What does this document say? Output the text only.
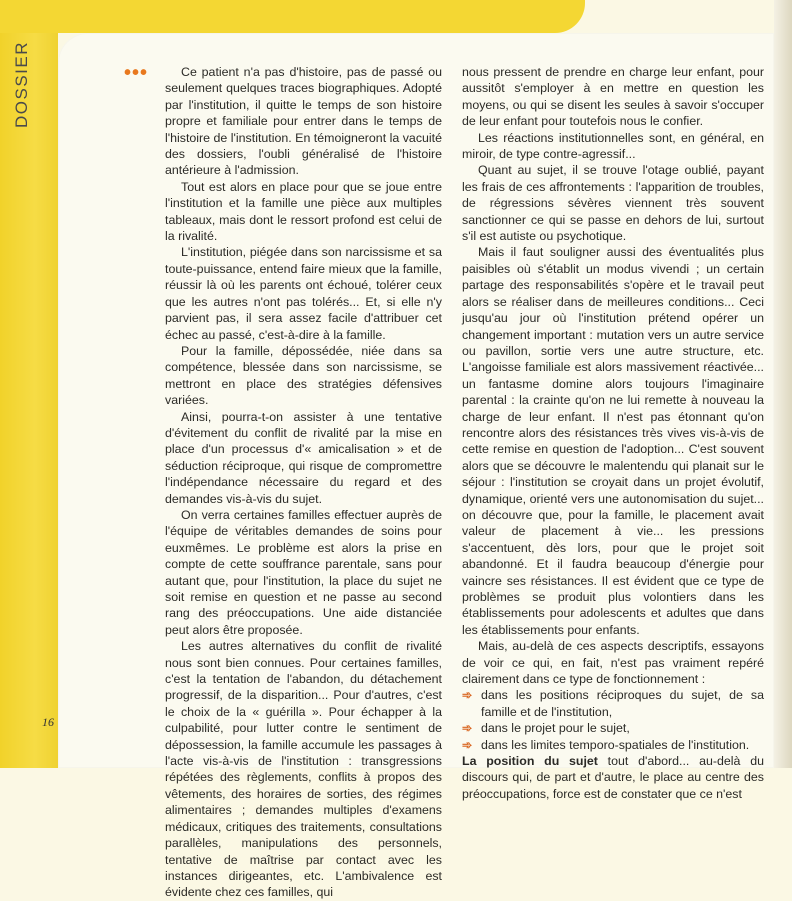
DOSSIER	•••	Ce patient n'a pas d'histoire, pas de passé ou seulement quelques traces biographiques. Adopté par l'institution, il quitte le temps de son histoire propre et familiale pour entrer dans le temps de l'histoire de l'institution. En témoigneront la vacuité des dossiers, l'oubli généralisé de l'histoire antérieure à l'admission.

Tout est alors en place pour que se joue entre l'institution et la famille une pièce aux multiples tableaux, mais dont le ressort profond est celui de la rivalité.

L'institution, piégée dans son narcissisme et sa toute-puissance, entend faire mieux que la famille, réussir là où les parents ont échoué, tolérer ceux que les autres n'ont pas tolérés... Et, si elle n'y parvient pas, il sera assez facile d'attribuer cet échec au passé, c'est-à-dire à la famille.

Pour la famille, dépossédée, niée dans sa compétence, blessée dans son narcissisme, se mettront en place des stratégies défensives variées.

Ainsi, pourra-t-on assister à une tentative d'évitement du conflit de rivalité par la mise en place d'un processus d'« amicalisation » et de séduction réciproque, qui risque de compromettre l'indépendance nécessaire du regard et des demandes vis-à-vis du sujet.

On verra certaines familles effectuer auprès de l'équipe de véritables demandes de soins pour euxmêmes. Le problème est alors la prise en compte de cette souffrance parentale, sans pour autant que, pour l'institution, la place du sujet ne soit remise en question et ne passe au second rang des préoccupations. Une aide distanciée peut alors être proposée.

Les autres alternatives du conflit de rivalité nous sont bien connues. Pour certaines familles, c'est la tentation de l'abandon, du détachement progressif, de la disparition... Pour d'autres, c'est le choix de la « guérilla ». Pour échapper à la culpabilité, pour lutter contre le sentiment de dépossession, la famille accumule les passages à l'acte vis-à-vis de l'institution : transgressions répétées des règlements, conflits à propos des vêtements, des horaires de sorties, des régimes alimentaires ; demandes multiples d'examens médicaux, critiques des traitements, consultations parallèles, manipulations des personnels, tentative de maîtrise par contact avec les instances dirigeantes, etc. L'ambivalence est évidente chez ces familles, qui

nous pressent de prendre en charge leur enfant, pour aussitôt s'employer à en mettre en question les moyens, ou qui se disent les seules à savoir s'occuper de leur enfant pour toutefois nous le confier.

Les réactions institutionnelles sont, en général, en miroir, de type contre-agressif...

Quant au sujet, il se trouve l'otage oublié, payant les frais de ces affrontements : l'apparition de troubles, de régressions sévères viennent très souvent sanctionner ce qui se passe en dehors de lui, surtout s'il est autiste ou psychotique.

Mais il faut souligner aussi des éventualités plus paisibles où s'établit un modus vivendi ; un certain partage des responsabilités s'opère et le travail peut alors se réaliser dans de meilleures conditions... Ceci jusqu'au jour où l'institution prétend opérer un changement important : mutation vers un autre service ou pavillon, sortie vers une autre structure, etc. L'angoisse familiale est alors massivement réactivée... un fantasme domine alors toujours l'imaginaire parental : la crainte qu'on ne lui remette à nouveau la charge de leur enfant. Il n'est pas étonnant qu'on rencontre alors des résistances très vives vis-à-vis de cette remise en question de l'adoption... C'est souvent alors que se découvre le malentendu qui planait sur le séjour : l'institution se croyait dans un projet évolutif, dynamique, orienté vers une autonomisation du sujet... on découvre que, pour la famille, le placement avait valeur de placement à vie... les pressions s'accentuent, dès lors, pour que le projet soit abandonné. Et il faudra beaucoup d'énergie pour vaincre ses résistances. Il est évident que ce type de problèmes se produit plus volontiers dans les établissements pour adolescents et adultes que dans les établissements pour enfants.

Mais, au-delà de ces aspects descriptifs, essayons de voir ce qui, en fait, n'est pas vraiment repéré clairement dans ce type de fonctionnement :

➾ dans les positions réciproques du sujet, de sa famille et de l'institution,
➾ dans le projet pour le sujet,
➾ dans les limites temporo-spatiales de l'institution.

La position du sujet tout d'abord... au-delà du discours qui, de part et d'autre, le place au centre des préoccupations, force est de constater que ce n'est

16
